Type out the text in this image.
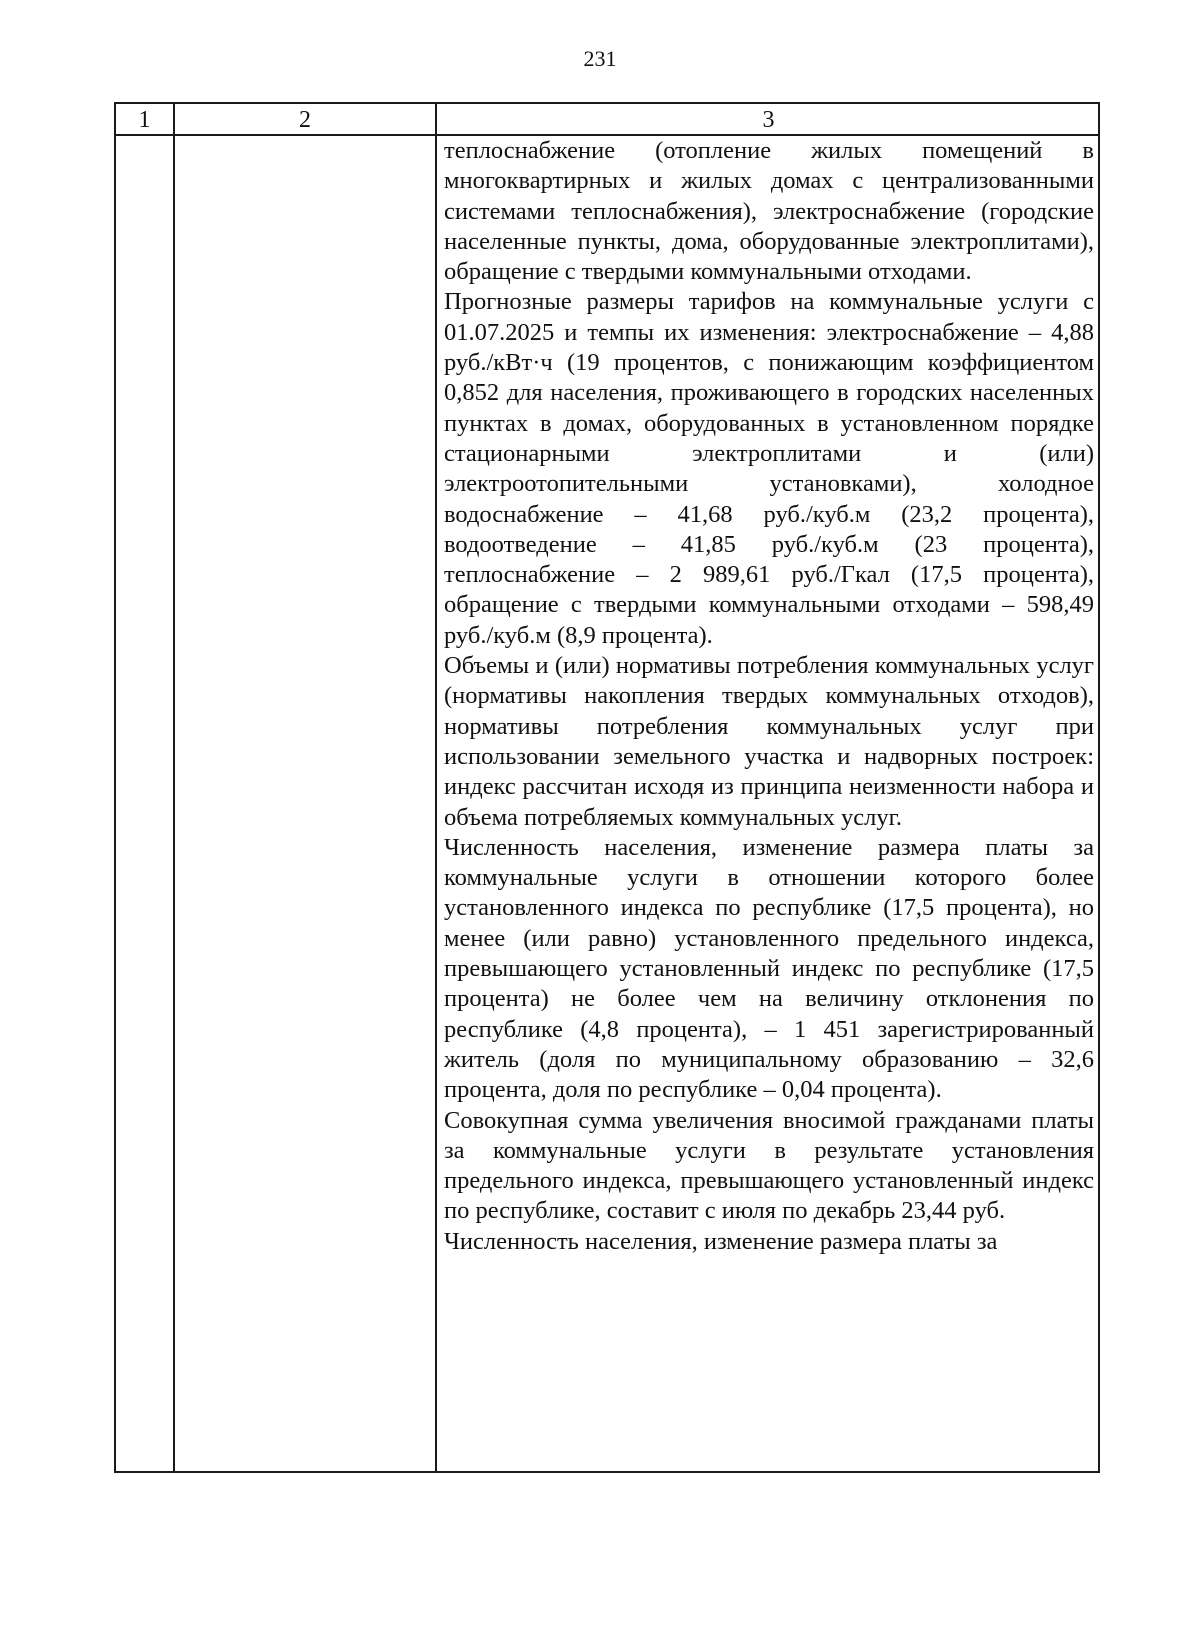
231
1	2	3

теплоснабжение (отопление жилых помещений в многоквартирных и жилых домах с централизованными системами теплоснабжения), электроснабжение (городские населенные пункты, дома, оборудованные электроплитами), обращение с твердыми коммунальными отходами.

Прогнозные размеры тарифов на коммунальные услуги с 01.07.2025 и темпы их изменения: электроснабжение – 4,88 руб./кВт·ч (19 процентов, с понижающим коэффициентом 0,852 для населения, проживающего в городских населенных пунктах в домах, оборудованных в установленном порядке стационарными электроплитами и (или) электроотопительными установками), холодное водоснабжение – 41,68 руб./куб.м (23,2 процента), водоотведение – 41,85 руб./куб.м (23 процента), теплоснабжение – 2 989,61 руб./Гкал (17,5 процента), обращение с твердыми коммунальными отходами – 598,49 руб./куб.м (8,9 процента).

Объемы и (или) нормативы потребления коммунальных услуг (нормативы накопления твердых коммунальных отходов), нормативы потребления коммунальных услуг при использовании земельного участка и надворных построек: индекс рассчитан исходя из принципа неизменности набора и объема потребляемых коммунальных услуг.

Численность населения, изменение размера платы за коммунальные услуги в отношении которого более установленного индекса по республике (17,5 процента), но менее (или равно) установленного предельного индекса, превышающего установленный индекс по республике (17,5 процента) не более чем на величину отклонения по республике (4,8 процента), – 1 451 зарегистрированный житель (доля по муниципальному образованию – 32,6 процента, доля по республике – 0,04 процента).

Совокупная сумма увеличения вносимой гражданами платы за коммунальные услуги в результате установления предельного индекса, превышающего установленный индекс по республике, составит с июля по декабрь 23,44 руб.

Численность населения, изменение размера платы за
